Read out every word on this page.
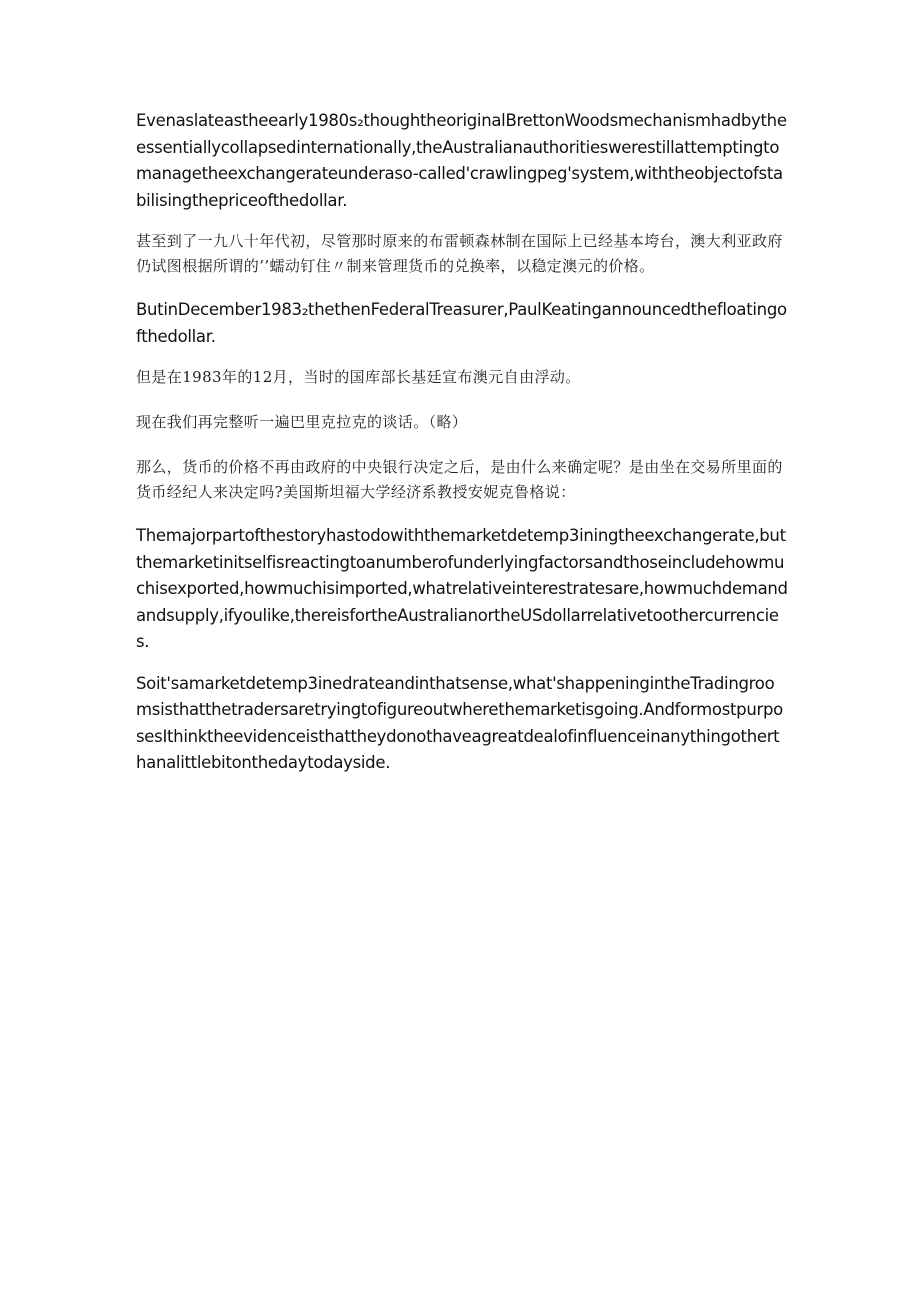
Evenaslateastheearly1980s₂thoughtheoriginalBrettonWoodsmechanismhadbytheessentiallycollapsedinternationally,theAustralianauthoritieswerestillattemptingtomanagetheexchangerateunderaso-called'crawlingpeg'system,withtheobjectofstabilisingthepriceofthedollar.

甚至到了一九八十年代初，尽管那时原来的布雷顿森林制在国际上已经基本垮台，澳大利亚政府仍试图根据所谓的’’蠕动钉住〃制来管理货币的兑换率，以稳定澳元的价格。

ButinDecember1983₂thethenFederalTreasurer,PaulKeatingannouncedthefloatingofthedollar.

但是在1983年的12月，当时的国库部长基廷宣布澳元自由浮动。

现在我们再完整听一遍巴里克拉克的谈话。（略）

那么，货币的价格不再由政府的中央银行决定之后，是由什么来确定呢？是由坐在交易所里面的货币经纪人来决定吗?美国斯坦福大学经济系教授安妮克鲁格说：

Themajorpartofthestoryhastodowiththemarketdetemp3iningtheexchangerate,butthemarketinitselfisreactingtoanumberofunderlyingfactorsandthoseincludehowmuchisexported,howmuchisimported,whatrelativeinterestratesare,howmuchdemandandsupply,ifyoulike,thereisfortheAustralianortheUSdollarrelativetoothercurrencies.

Soit'samarketdetemp3inedrateandinthatsense,what'shappeningintheTradingroomsisthatthetradersaretryingtofigureoutwherethemarketisgoing.AndformostpurposesIthinktheevidenceisthattheydonothaveagreatdealofinfluenceinanythingotherthanalittlebitonthedaytodayside.
